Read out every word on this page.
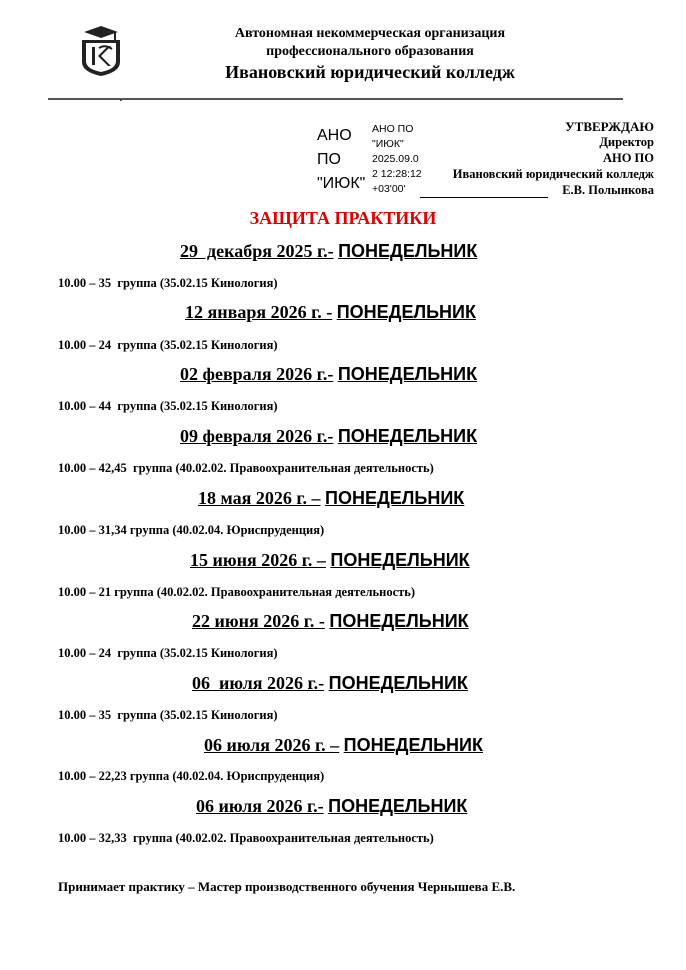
Автономная некоммерческая организация
профессионального образования
Ивановский юридический колледж
АНО
ПО
"ИЮК"
АНО ПО
"ИЮК"
2025.09.0
2 12:28:12
+03'00'
УТВЕРЖДАЮ
Директор
АНО ПО
Ивановский юридический колледж
Е.В. Полынкова
ЗАЩИТА ПРАКТИКИ
29  декабря 2025 г.- ПОНЕДЕЛЬНИК
10.00 – 35  группа (35.02.15 Кинология)
12 января 2026 г. - ПОНЕДЕЛЬНИК
10.00 – 24  группа (35.02.15 Кинология)
02 февраля 2026 г.- ПОНЕДЕЛЬНИК
10.00 – 44  группа (35.02.15 Кинология)
09 февраля 2026 г.- ПОНЕДЕЛЬНИК
10.00 – 42,45  группа (40.02.02. Правоохранительная деятельность)
18 мая 2026 г. – ПОНЕДЕЛЬНИК
10.00 – 31,34 группа (40.02.04. Юриспруденция)
15 июня 2026 г. – ПОНЕДЕЛЬНИК
10.00 – 21 группа (40.02.02. Правоохранительная деятельность)
22 июня 2026 г. - ПОНЕДЕЛЬНИК
10.00 – 24  группа (35.02.15 Кинология)
06  июля 2026 г.- ПОНЕДЕЛЬНИК
10.00 – 35  группа (35.02.15 Кинология)
06 июля 2026 г. – ПОНЕДЕЛЬНИК
10.00 – 22,23 группа (40.02.04. Юриспруденция)
06 июля 2026 г.- ПОНЕДЕЛЬНИК
10.00 – 32,33  группа (40.02.02. Правоохранительная деятельность)
Принимает практику – Мастер производственного обучения Чернышева Е.В.
